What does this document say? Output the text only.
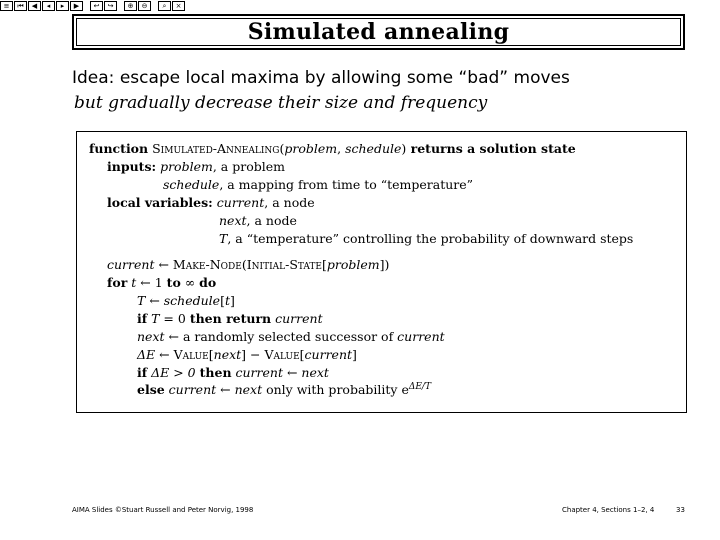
≡	⏮	◀	◂	▸	▶	↩	↪	⊕	⊖	⌕	×
Simulated annealing
Idea: escape local maxima by allowing some “bad” moves
but gradually decrease their size and frequency
function Simulated-Annealing(problem, schedule) returns a solution state
inputs: problem, a problem
schedule, a mapping from time to “temperature”
local variables: current, a node
next, a node
T, a “temperature” controlling the probability of downward steps
current ← Make-Node(Initial-State[problem])
for t ← 1 to ∞ do
T ← schedule[t]
if T = 0 then return current
next ← a randomly selected successor of current
ΔE ← Value[next] − Value[current]
if ΔE > 0 then current ← next
else current ← next only with probability $e^{\Delta E/T}$
AIMA Slides ©Stuart Russell and Peter Norvig, 1998	Chapter 4, Sections 1–2, 4	33
